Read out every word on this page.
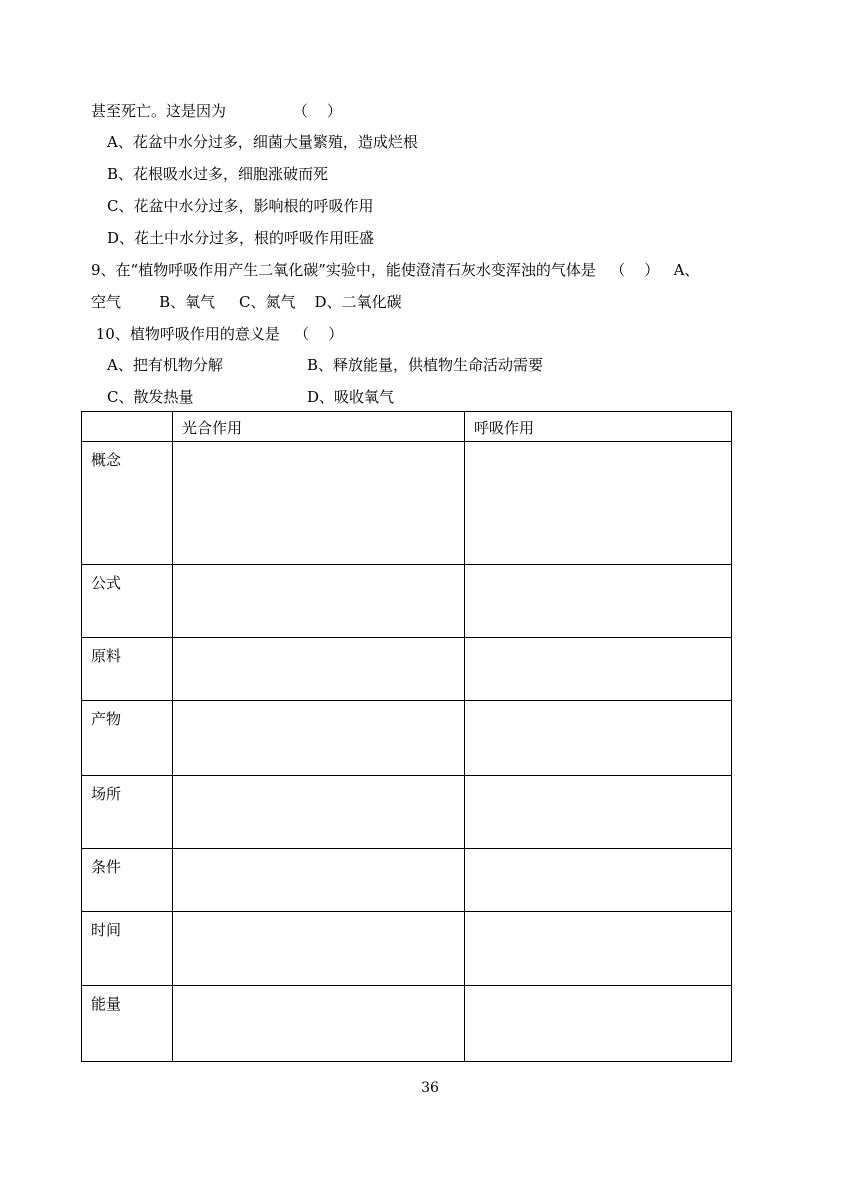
甚至死亡。这是因为              （    ）
A、花盆中水分过多，细菌大量繁殖，造成烂根
B、花根吸水过多，细胞涨破而死
C、花盆中水分过多，影响根的呼吸作用
D、花土中水分过多，根的呼吸作用旺盛
9、在“植物呼吸作用产生二氧化碳”实验中，能使澄清石灰水变浑浊的气体是   （    ）   A、
空气        B、氧气     C、氮气    D、二氧化碳
10、植物呼吸作用的意义是   （    ）
A、把有机物分解	B、释放能量，供植物生命活动需要
C、散发热量	D、吸收氧气
	光合作用	呼吸作用
概念		
公式		
原料		
产物		
场所		
条件		
时间		
能量		
36
